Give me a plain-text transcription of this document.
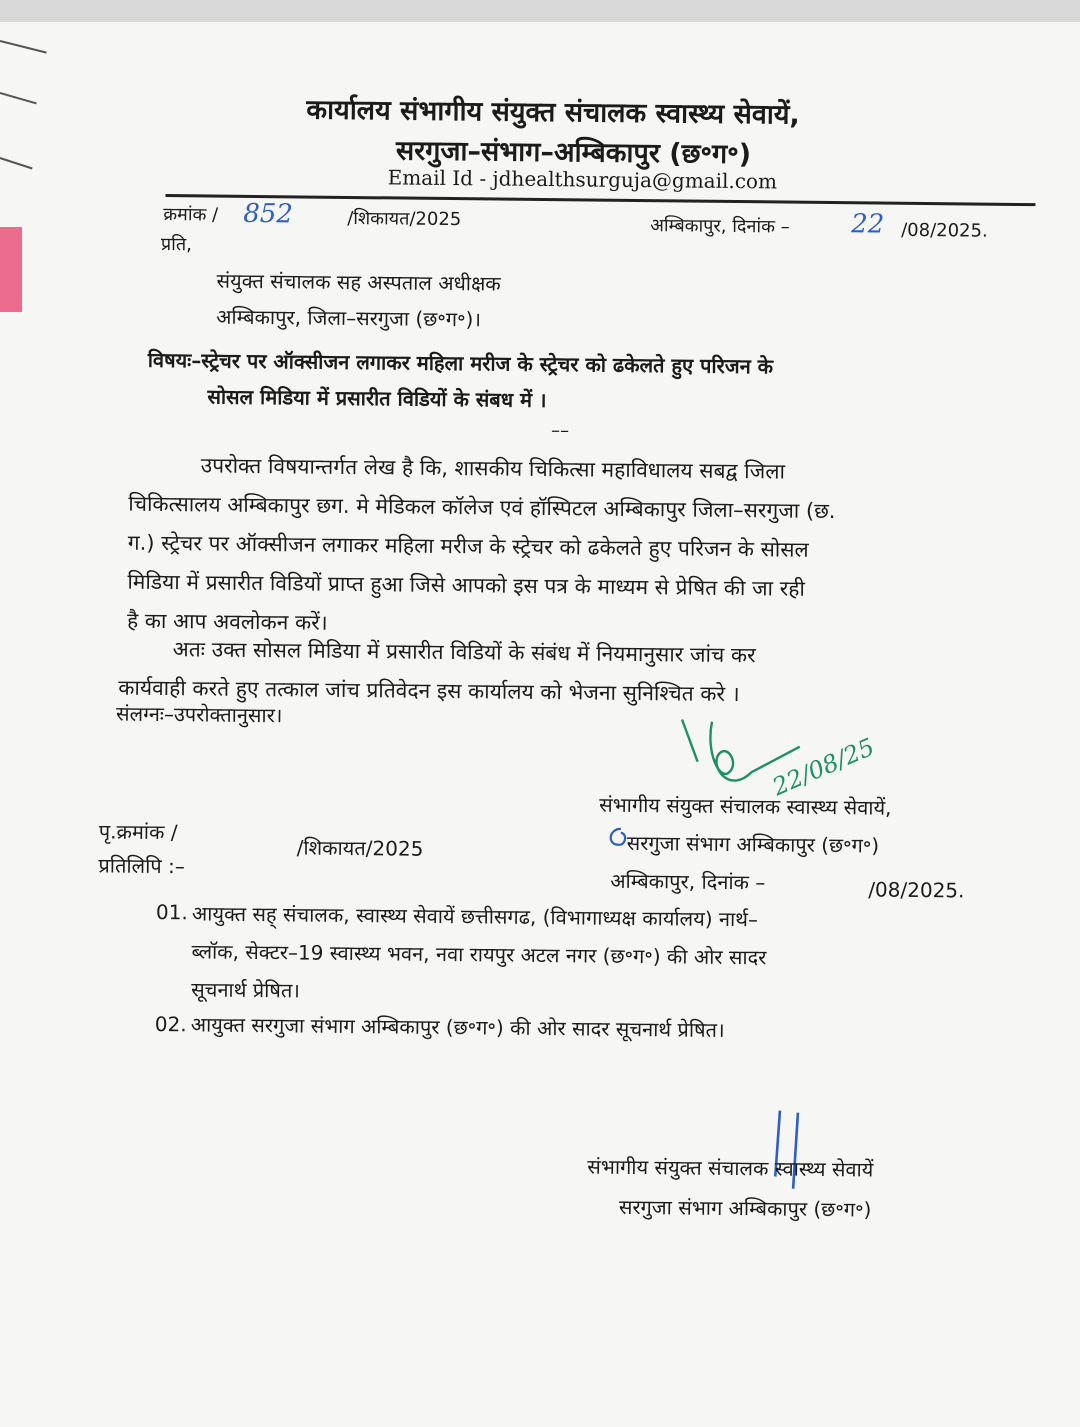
कार्यालय संभागीय संयुक्त संचालक स्वास्थ्य सेवायें,
सरगुजा–संभाग–अम्बिकापुर (छ॰ग॰)
Email Id - jdhealthsurguja@gmail.com
क्रमांक / 852	/शिकायत/2025	अम्बिकापुर, दिनांक – 22 /08/2025.
प्रति,
संयुक्त संचालक सह अस्पताल अधीक्षक
अम्बिकापुर, जिला–सरगुजा (छ॰ग॰)।
विषयः–स्ट्रेचर पर ऑक्सीजन लगाकर महिला मरीज के स्ट्रेचर को ढकेलते हुए परिजन के
सोसल मिडिया में प्रसारीत विडियों के संबध में ।
––
उपरोक्त विषयान्तर्गत लेख है कि, शासकीय चिकित्सा महाविधालय सबद्व जिला
चिकित्सालय अम्बिकापुर छग. मे मेडिकल कॉलेज एवं हॉस्पिटल अम्बिकापुर जिला–सरगुजा (छ.
ग.) स्ट्रेचर पर ऑक्सीजन लगाकर महिला मरीज के स्ट्रेचर को ढकेलते हुए परिजन के सोसल
मिडिया में प्रसारीत विडियों प्राप्त हुआ जिसे आपको इस पत्र के माध्यम से प्रेषित की जा रही
है का आप अवलोकन करें।
अतः उक्त सोसल मिडिया में प्रसारीत विडियों के संबंध में नियमानुसार जांच कर
कार्यवाही करते हुए तत्काल जांच प्रतिवेदन इस कार्यालय को भेजना सुनिश्चित करे ।
संलग्नः–उपरोक्तानुसार।
22/08/25
संभागीय संयुक्त संचालक स्वास्थ्य सेवायें,
सरगुजा संभाग अम्बिकापुर (छ॰ग॰)
पृ.क्रमांक /
/शिकायत/2025
प्रतिलिपि :–
अम्बिकापुर, दिनांक –	/08/2025.
01. आयुक्त सह् संचालक, स्वास्थ्य सेवायें छत्तीसगढ, (विभागाध्यक्ष कार्यालय) नार्थ–
ब्लॉक, सेक्टर–19 स्वास्थ्य भवन, नवा रायपुर अटल नगर (छ॰ग॰) की ओर सादर
सूचनार्थ प्रेषित।
02. आयुक्त सरगुजा संभाग अम्बिकापुर (छ॰ग॰) की ओर सादर सूचनार्थ प्रेषित।
संभागीय संयुक्त संचालक स्वास्थ्य सेवायें
सरगुजा संभाग अम्बिकापुर (छ॰ग॰)
